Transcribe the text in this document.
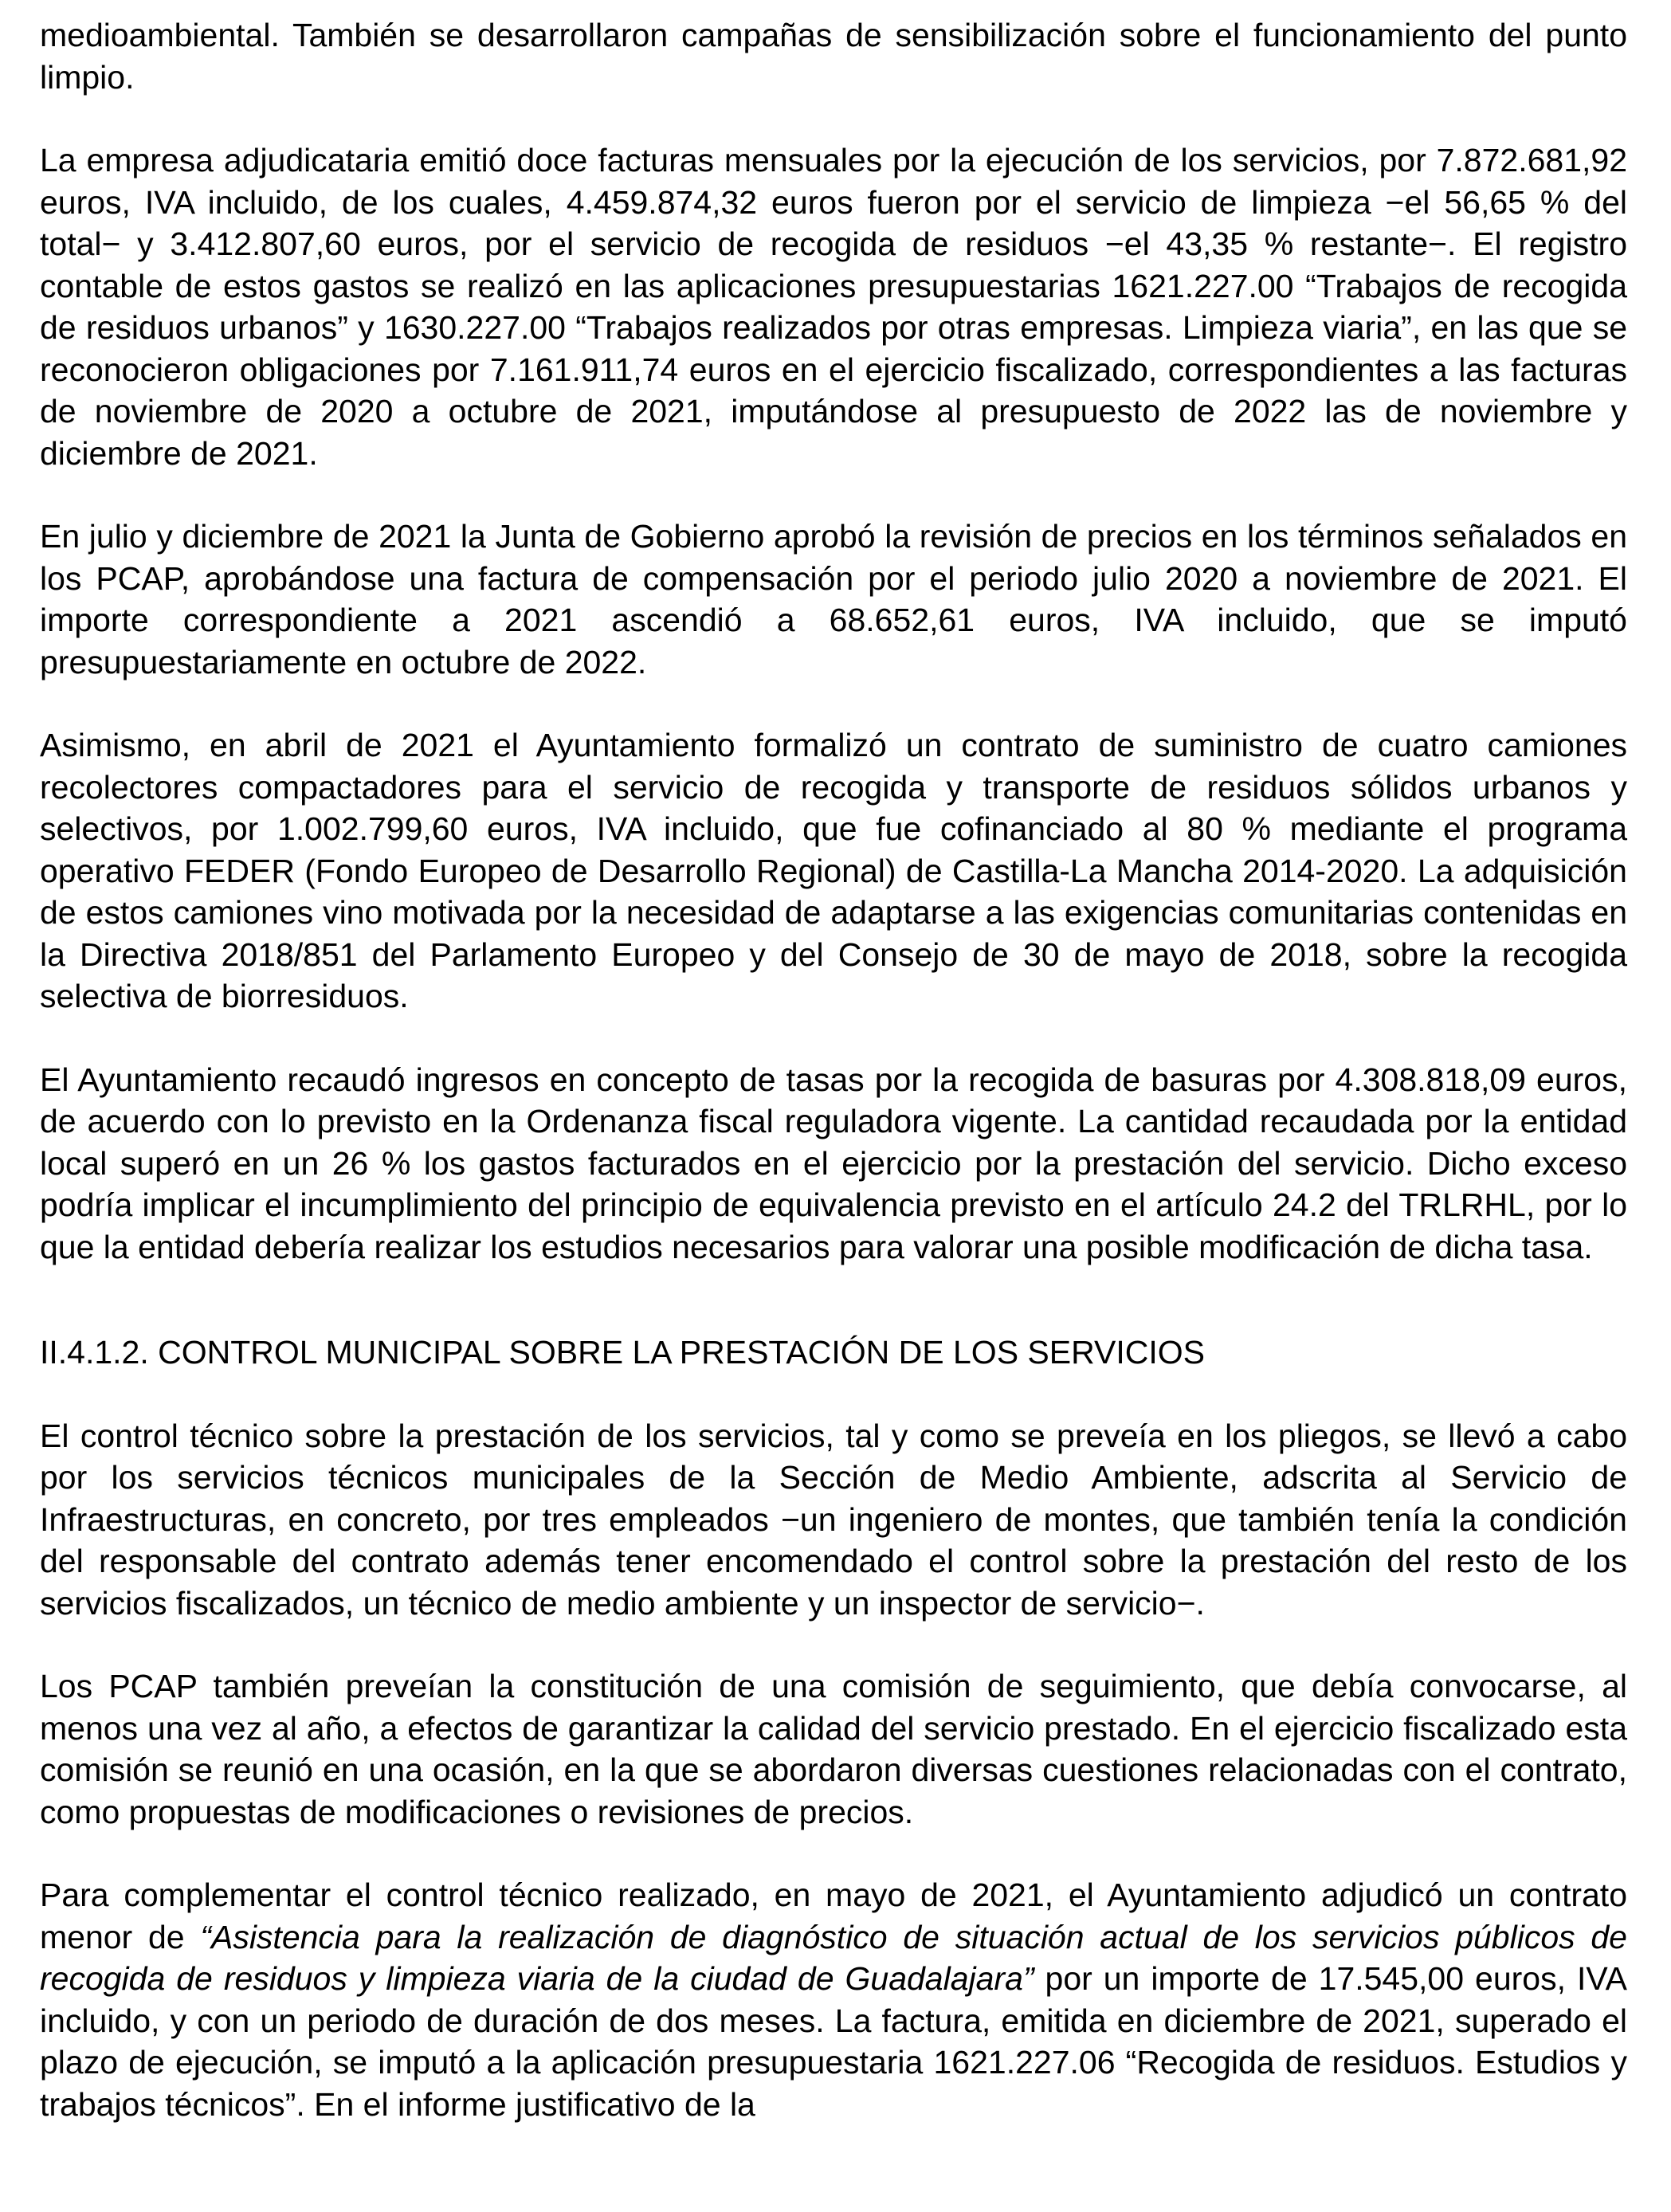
medioambiental. También se desarrollaron campañas de sensibilización sobre el funcionamiento del punto limpio.

La empresa adjudicataria emitió doce facturas mensuales por la ejecución de los servicios, por 7.872.681,92 euros, IVA incluido, de los cuales, 4.459.874,32 euros fueron por el servicio de limpieza −el 56,65 % del total− y 3.412.807,60 euros, por el servicio de recogida de residuos −el 43,35 % restante−. El registro contable de estos gastos se realizó en las aplicaciones presupuestarias 1621.227.00 “Trabajos de recogida de residuos urbanos” y 1630.227.00 “Trabajos realizados por otras empresas. Limpieza viaria”, en las que se reconocieron obligaciones por 7.161.911,74 euros en el ejercicio fiscalizado, correspondientes a las facturas de noviembre de 2020 a octubre de 2021, imputándose al presupuesto de 2022 las de noviembre y diciembre de 2021.

En julio y diciembre de 2021 la Junta de Gobierno aprobó la revisión de precios en los términos señalados en los PCAP, aprobándose una factura de compensación por el periodo julio 2020 a noviembre de 2021. El importe correspondiente a 2021 ascendió a 68.652,61 euros, IVA incluido, que se imputó presupuestariamente en octubre de 2022.

Asimismo, en abril de 2021 el Ayuntamiento formalizó un contrato de suministro de cuatro camiones recolectores compactadores para el servicio de recogida y transporte de residuos sólidos urbanos y selectivos, por 1.002.799,60 euros, IVA incluido, que fue cofinanciado al 80 % mediante el programa operativo FEDER (Fondo Europeo de Desarrollo Regional) de Castilla-La Mancha 2014-2020. La adquisición de estos camiones vino motivada por la necesidad de adaptarse a las exigencias comunitarias contenidas en la Directiva 2018/851 del Parlamento Europeo y del Consejo de 30 de mayo de 2018, sobre la recogida selectiva de biorresiduos.

El Ayuntamiento recaudó ingresos en concepto de tasas por la recogida de basuras por 4.308.818,09 euros, de acuerdo con lo previsto en la Ordenanza fiscal reguladora vigente. La cantidad recaudada por la entidad local superó en un 26 % los gastos facturados en el ejercicio por la prestación del servicio. Dicho exceso podría implicar el incumplimiento del principio de equivalencia previsto en el artículo 24.2 del TRLRHL, por lo que la entidad debería realizar los estudios necesarios para valorar una posible modificación de dicha tasa.

II.4.1.2. CONTROL MUNICIPAL SOBRE LA PRESTACIÓN DE LOS SERVICIOS

El control técnico sobre la prestación de los servicios, tal y como se preveía en los pliegos, se llevó a cabo por los servicios técnicos municipales de la Sección de Medio Ambiente, adscrita al Servicio de Infraestructuras, en concreto, por tres empleados −un ingeniero de montes, que también tenía la condición del responsable del contrato además tener encomendado el control sobre la prestación del resto de los servicios fiscalizados, un técnico de medio ambiente y un inspector de servicio−.

Los PCAP también preveían la constitución de una comisión de seguimiento, que debía convocarse, al menos una vez al año, a efectos de garantizar la calidad del servicio prestado. En el ejercicio fiscalizado esta comisión se reunió en una ocasión, en la que se abordaron diversas cuestiones relacionadas con el contrato, como propuestas de modificaciones o revisiones de precios.

Para complementar el control técnico realizado, en mayo de 2021, el Ayuntamiento adjudicó un contrato menor de “Asistencia para la realización de diagnóstico de situación actual de los servicios públicos de recogida de residuos y limpieza viaria de la ciudad de Guadalajara” por un importe de 17.545,00 euros, IVA incluido, y con un periodo de duración de dos meses. La factura, emitida en diciembre de 2021, superado el plazo de ejecución, se imputó a la aplicación presupuestaria 1621.227.06 “Recogida de residuos. Estudios y trabajos técnicos”. En el informe justificativo de la
